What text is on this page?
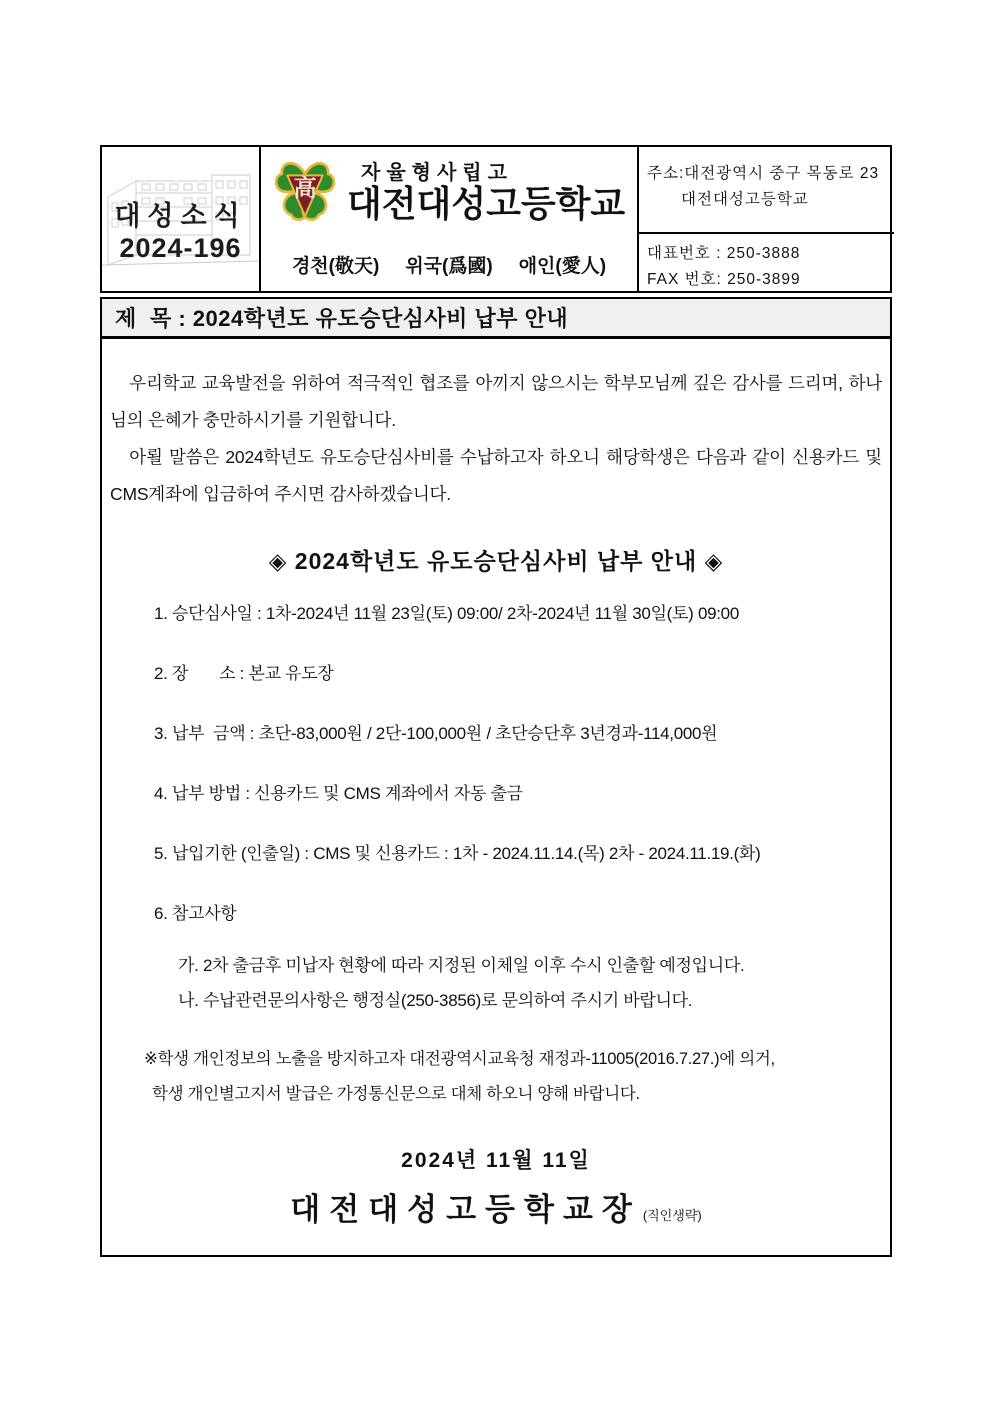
대성소식
2024-196
高
자율형사립고
대전대성고등학교
경천(敬天) 위국(爲國) 애인(愛人)
주소:대전광역시 중구 목동로 23
대전대성고등학교
대표번호 : 250-3888
FAX 번호: 250-3899
제  목 : 2024학년도 유도승단심사비 납부 안내

우리학교 교육발전을 위하여 적극적인 협조를 아끼지 않으시는 학부모님께 깊은 감사를 드리며, 하나님의 은혜가 충만하시기를 기원합니다.

아뢸 말씀은 2024학년도 유도승단심사비를 수납하고자 하오니 해당학생은 다음과 같이 신용카드 및 CMS계좌에 입금하여 주시면 감사하겠습니다.

◈ 2024학년도 유도승단심사비 납부 안내 ◈
1. 승단심사일 : 1차-2024년 11월 23일(토) 09:00/ 2차-2024년 11월 30일(토) 09:00
2. 장       소 : 본교 유도장
3. 납부  금액 : 초단-83,000원 / 2단-100,000원 / 초단승단후 3년경과-114,000원
4. 납부 방법 : 신용카드 및 CMS 계좌에서 자동 출금
5. 납입기한 (인출일) : CMS 및 신용카드 : 1차 - 2024.11.14.(목) 2차 - 2024.11.19.(화)
6. 참고사항
가. 2차 출금후 미납자 현황에 따라 지정된 이체일 이후 수시 인출할 예정입니다.
나. 수납관련문의사항은 행정실(250-3856)로 문의하여 주시기 바랍니다.
※학생 개인정보의 노출을 방지하고자 대전광역시교육청 재정과-11005(2016.7.27.)에 의거,
학생 개인별고지서 발급은 가정통신문으로 대체 하오니 양해 바랍니다.
2024년 11월 11일
대전대성고등학교장 (직인생략)
